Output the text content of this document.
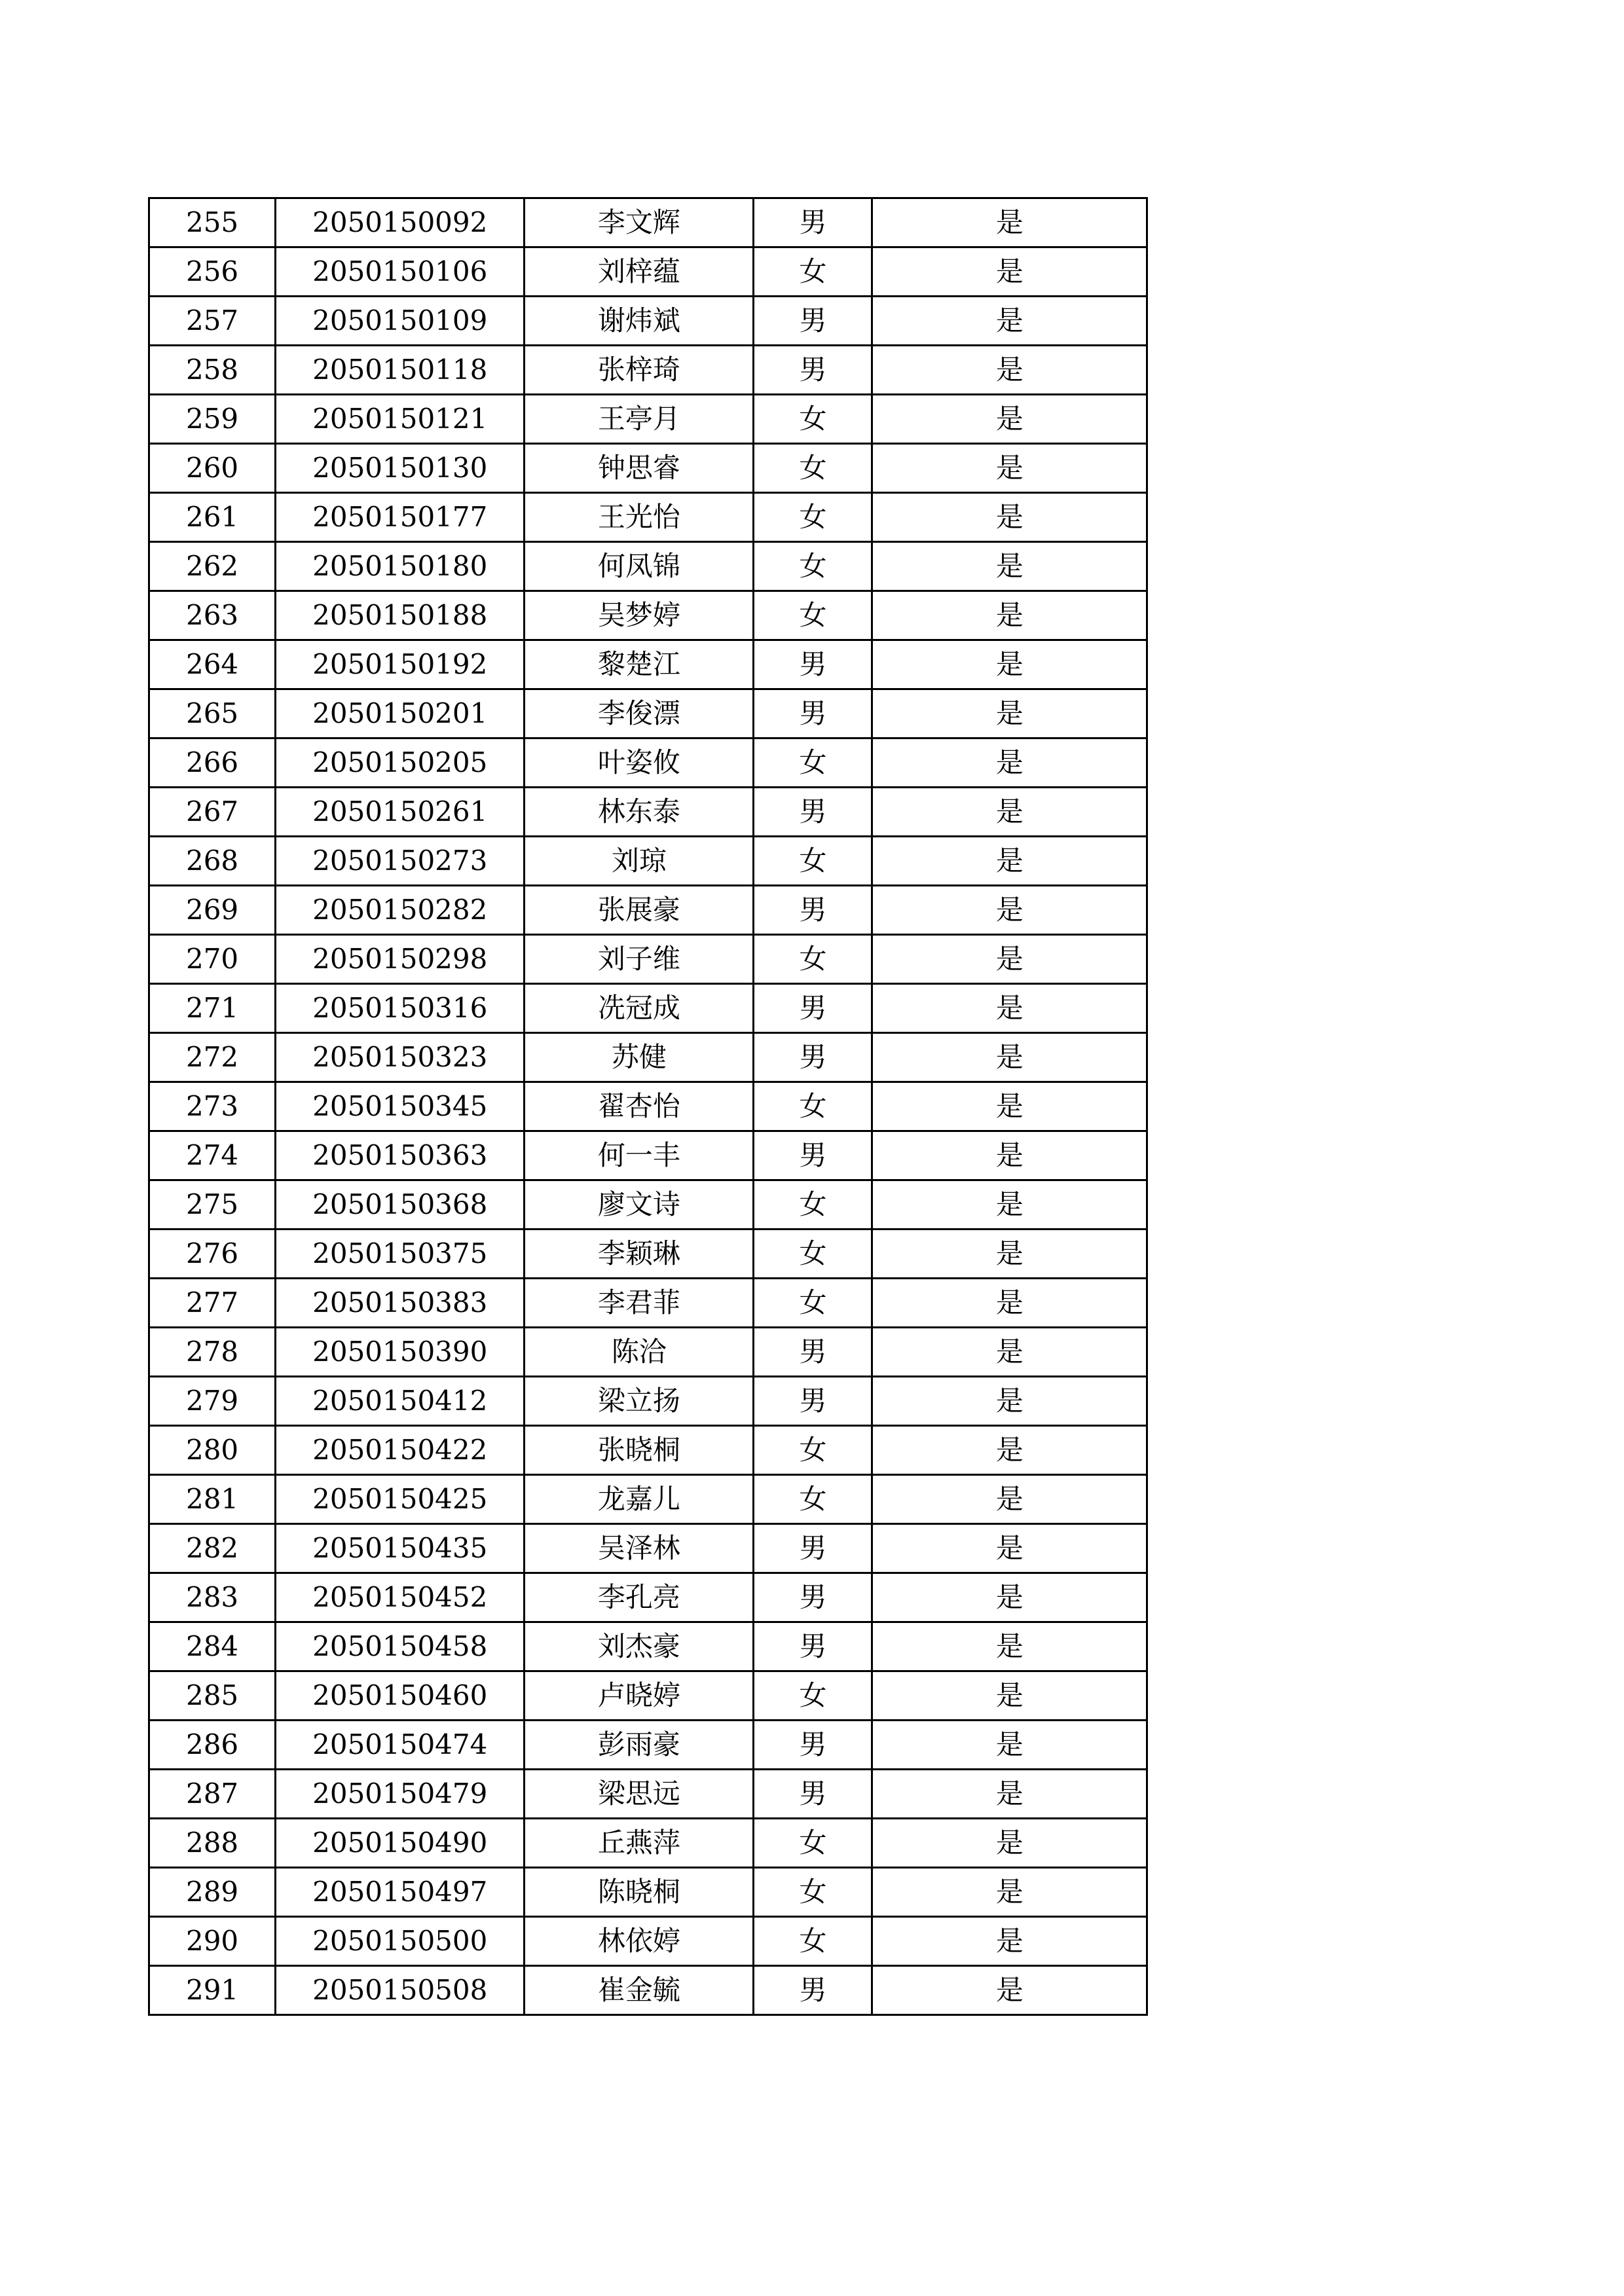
255	2050150092	李文辉	男	是
256	2050150106	刘梓蕴	女	是
257	2050150109	谢炜斌	男	是
258	2050150118	张梓琦	男	是
259	2050150121	王亭月	女	是
260	2050150130	钟思睿	女	是
261	2050150177	王光怡	女	是
262	2050150180	何凤锦	女	是
263	2050150188	吴梦婷	女	是
264	2050150192	黎楚江	男	是
265	2050150201	李俊漂	男	是
266	2050150205	叶姿攸	女	是
267	2050150261	林东泰	男	是
268	2050150273	刘琼	女	是
269	2050150282	张展豪	男	是
270	2050150298	刘子维	女	是
271	2050150316	冼冠成	男	是
272	2050150323	苏健	男	是
273	2050150345	翟杏怡	女	是
274	2050150363	何一丰	男	是
275	2050150368	廖文诗	女	是
276	2050150375	李颖琳	女	是
277	2050150383	李君菲	女	是
278	2050150390	陈洽	男	是
279	2050150412	梁立扬	男	是
280	2050150422	张晓桐	女	是
281	2050150425	龙嘉儿	女	是
282	2050150435	吴泽林	男	是
283	2050150452	李孔亮	男	是
284	2050150458	刘杰豪	男	是
285	2050150460	卢晓婷	女	是
286	2050150474	彭雨豪	男	是
287	2050150479	梁思远	男	是
288	2050150490	丘燕萍	女	是
289	2050150497	陈晓桐	女	是
290	2050150500	林依婷	女	是
291	2050150508	崔金毓	男	是
